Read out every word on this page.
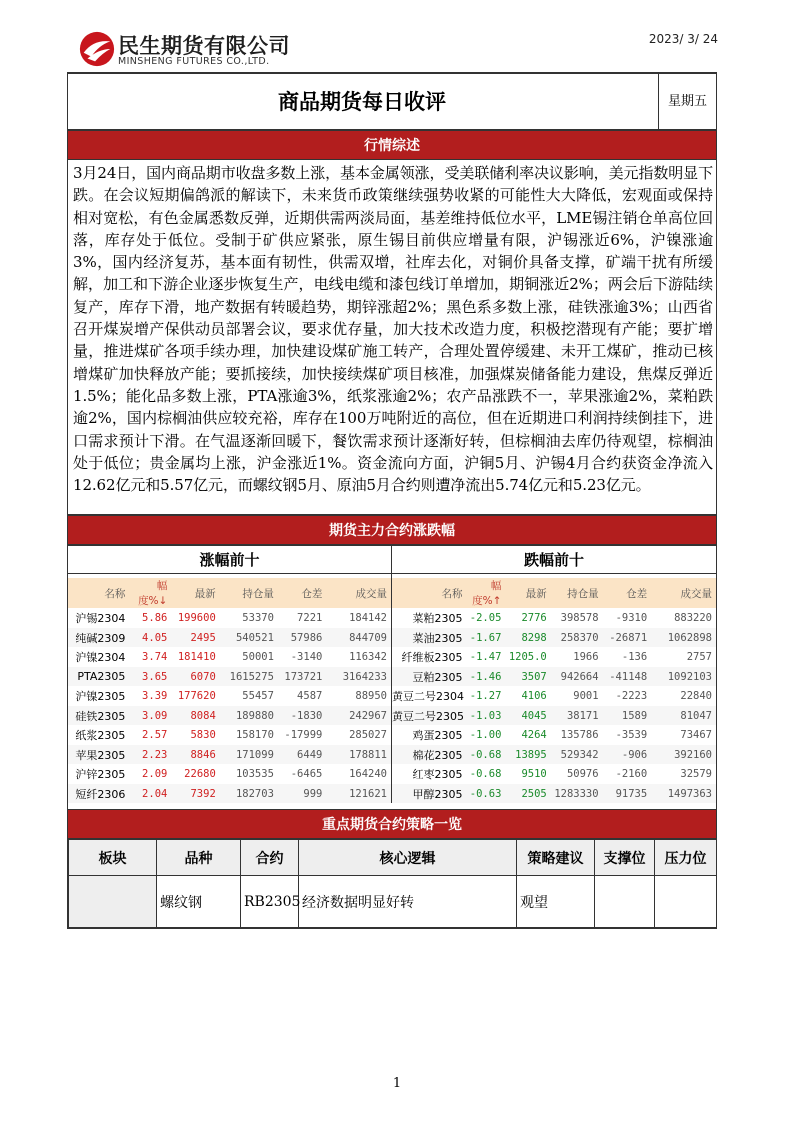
民生期货有限公司
MINSHENG FUTURES CO.,LTD.
2023/ 3/ 24
商品期货每日收评	星期五
行情综述
3月24日，国内商品期市收盘多数上涨，基本金属领涨，受美联储利率决议影响，美元指数明显下跌。在会议短期偏鸽派的解读下，未来货币政策继续强势收紧的可能性大大降低，宏观面或保持相对宽松，有色金属悉数反弹，近期供需两淡局面，基差维持低位水平，LME锡注销仓单高位回落，库存处于低位。受制于矿供应紧张，原生锡目前供应增量有限，沪锡涨近6%，沪镍涨逾3%，国内经济复苏，基本面有韧性，供需双增，社库去化，对铜价具备支撑，矿端干扰有所缓解，加工和下游企业逐步恢复生产，电线电缆和漆包线订单增加，期铜涨近2%；两会后下游陆续复产，库存下滑，地产数据有转暖趋势，期锌涨超2%；黑色系多数上涨，硅铁涨逾3%；山西省召开煤炭增产保供动员部署会议，要求优存量，加大技术改造力度，积极挖潜现有产能；要扩增量，推进煤矿各项手续办理，加快建设煤矿施工转产，合理处置停缓建、未开工煤矿，推动已核增煤矿加快释放产能；要抓接续，加快接续煤矿项目核准，加强煤炭储备能力建设，焦煤反弹近1.5%；能化品多数上涨，PTA涨逾3%，纸浆涨逾2%；农产品涨跌不一，苹果涨逾2%，菜粕跌逾2%，国内棕榈油供应较充裕，库存在100万吨附近的高位，但在近期进口利润持续倒挂下，进口需求预计下滑。在气温逐渐回暖下，餐饮需求预计逐渐好转，但棕榈油去库仍待观望，棕榈油处于低位；贵金属均上涨，沪金涨近1%。资金流向方面，沪铜5月、沪锡4月合约获资金净流入12.62亿元和5.57亿元，而螺纹钢5月、原油5月合约则遭净流出5.74亿元和5.23亿元。
期货主力合约涨跌幅
涨幅前十
名称	幅度%↓	最新	持仓量	仓差	成交量
沪锡2304	5.86	199600	53370	7221	184142
纯碱2309	4.05	2495	540521	57986	844709
沪镍2304	3.74	181410	50001	-3140	116342
PTA2305	3.65	6070	1615275	173721	3164233
沪镍2305	3.39	177620	55457	4587	88950
硅铁2305	3.09	8084	189880	-1830	242967
纸浆2305	2.57	5830	158170	-17999	285027
苹果2305	2.23	8846	171099	6449	178811
沪锌2305	2.09	22680	103535	-6465	164240
短纤2306	2.04	7392	182703	999	121621
跌幅前十
名称	幅度%↑	最新	持仓量	仓差	成交量
菜粕2305	-2.05	2776	398578	-9310	883220
菜油2305	-1.67	8298	258370	-26871	1062898
纤维板2305	-1.47	1205.0	1966	-136	2757
豆粕2305	-1.46	3507	942664	-41148	1092103
黄豆二号2304	-1.27	4106	9001	-2223	22840
黄豆二号2305	-1.03	4045	38171	1589	81047
鸡蛋2305	-1.00	4264	135786	-3539	73467
棉花2305	-0.68	13895	529342	-906	392160
红枣2305	-0.68	9510	50976	-2160	32579
甲醇2305	-0.63	2505	1283330	91735	1497363
重点期货合约策略一览
板块	品种	合约	核心逻辑	策略建议	支撑位	压力位
	螺纹钢	RB2305	经济数据明显好转	观望		
1
